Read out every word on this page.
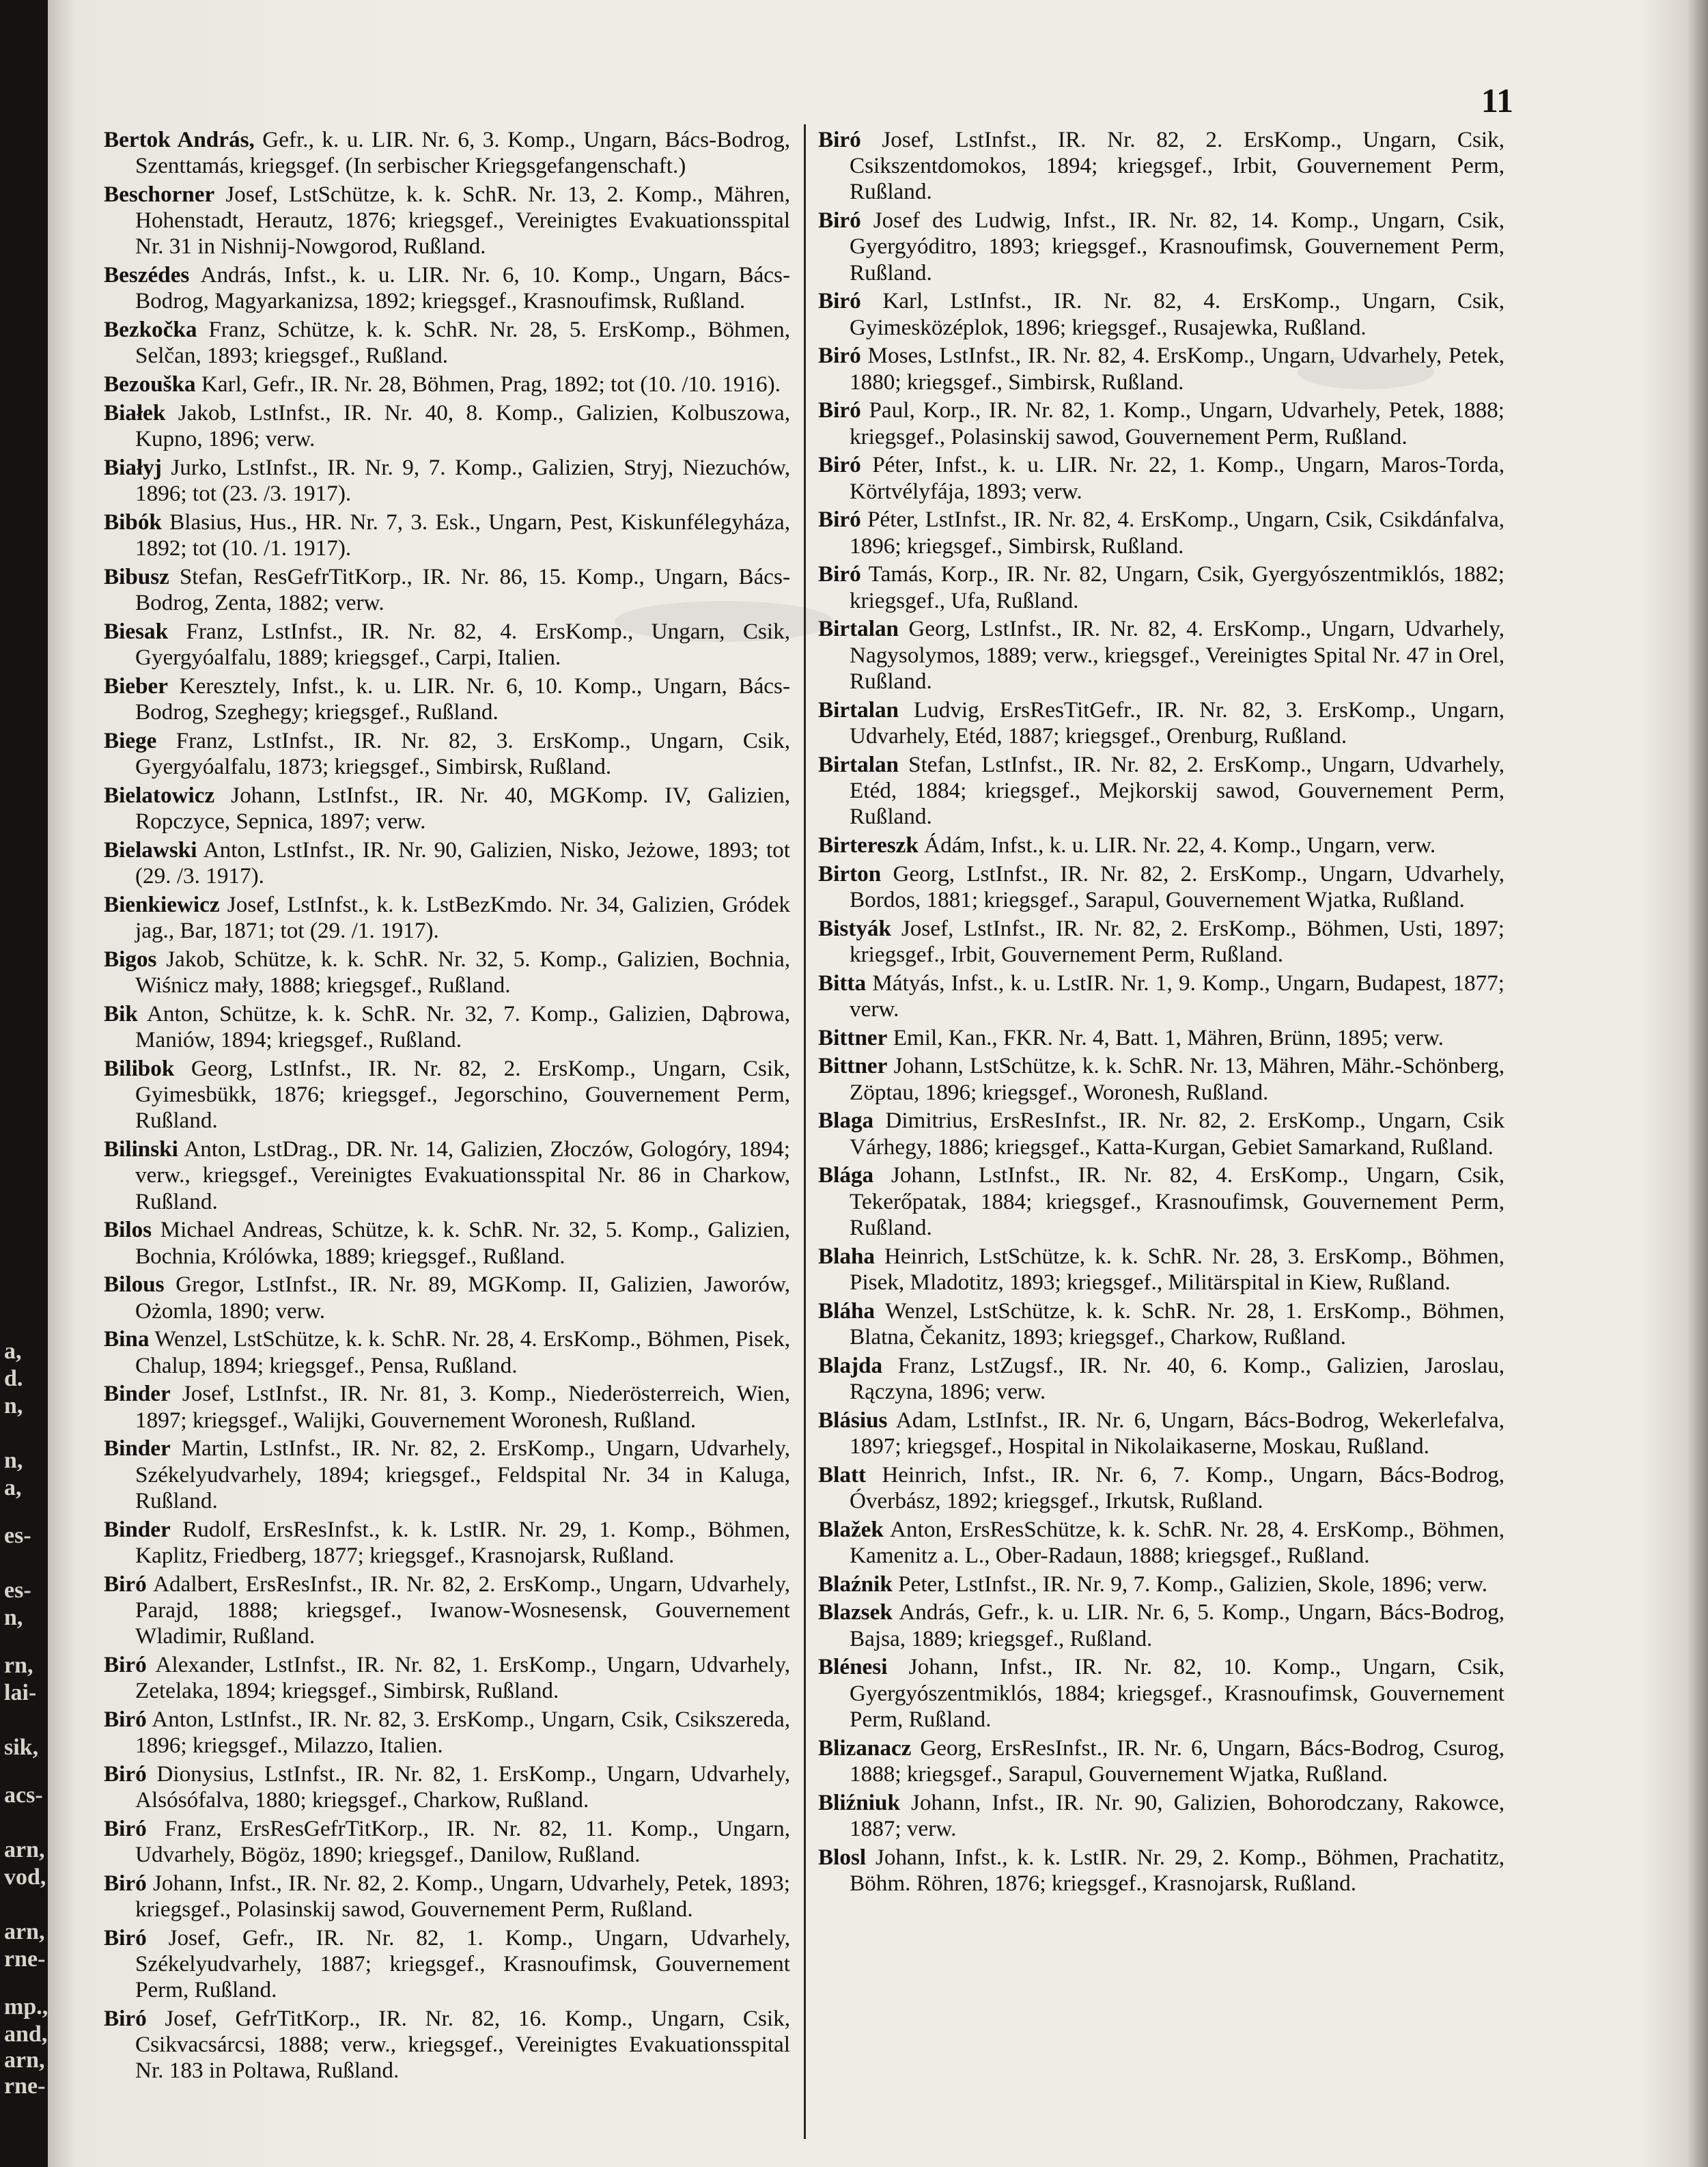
a,
d.
n,
n,
a,
es-
es-
n,
rn,
lai-
sik,
acs-
arn,
vod,
arn,
rne-
mp.,
and,
arn,
rne-
11

Bertok András, Gefr., k. u. LIR. Nr. 6, 3. Komp., Ungarn, Bács-Bodrog, Szenttamás, kriegsgef. (In serbischer Kriegsgefangenschaft.)

Beschorner Josef, LstSchütze, k. k. SchR. Nr. 13, 2. Komp., Mähren, Hohenstadt, Herautz, 1876; kriegsgef., Vereinigtes Evakuationsspital Nr. 31 in Nishnij-Nowgorod, Rußland.

Beszédes András, Infst., k. u. LIR. Nr. 6, 10. Komp., Ungarn, Bács-Bodrog, Magyarkanizsa, 1892; kriegsgef., Krasnoufimsk, Rußland.

Bezkočka Franz, Schütze, k. k. SchR. Nr. 28, 5. ErsKomp., Böhmen, Selčan, 1893; kriegsgef., Rußland.

Bezouška Karl, Gefr., IR. Nr. 28, Böhmen, Prag, 1892; tot (10. /10. 1916).

Białek Jakob, LstInfst., IR. Nr. 40, 8. Komp., Galizien, Kolbuszowa, Kupno, 1896; verw.

Białyj Jurko, LstInfst., IR. Nr. 9, 7. Komp., Galizien, Stryj, Niezuchów, 1896; tot (23. /3. 1917).

Bibók Blasius, Hus., HR. Nr. 7, 3. Esk., Ungarn, Pest, Kiskunfélegyháza, 1892; tot (10. /1. 1917).

Bibusz Stefan, ResGefrTitKorp., IR. Nr. 86, 15. Komp., Ungarn, Bács-Bodrog, Zenta, 1882; verw.

Biesak Franz, LstInfst., IR. Nr. 82, 4. ErsKomp., Ungarn, Csik, Gyergyóalfalu, 1889; kriegsgef., Carpi, Italien.

Bieber Keresztely, Infst., k. u. LIR. Nr. 6, 10. Komp., Ungarn, Bács-Bodrog, Szeghegy; kriegsgef., Rußland.

Biege Franz, LstInfst., IR. Nr. 82, 3. ErsKomp., Ungarn, Csik, Gyergyóalfalu, 1873; kriegsgef., Simbirsk, Rußland.

Bielatowicz Johann, LstInfst., IR. Nr. 40, MGKomp. IV, Galizien, Ropczyce, Sepnica, 1897; verw.

Bielawski Anton, LstInfst., IR. Nr. 90, Galizien, Nisko, Jeżowe, 1893; tot (29. /3. 1917).

Bienkiewicz Josef, LstInfst., k. k. LstBezKmdo. Nr. 34, Galizien, Gródek jag., Bar, 1871; tot (29. /1. 1917).

Bigos Jakob, Schütze, k. k. SchR. Nr. 32, 5. Komp., Galizien, Bochnia, Wiśnicz mały, 1888; kriegsgef., Rußland.

Bik Anton, Schütze, k. k. SchR. Nr. 32, 7. Komp., Galizien, Dąbrowa, Maniów, 1894; kriegsgef., Rußland.

Bilibok Georg, LstInfst., IR. Nr. 82, 2. ErsKomp., Ungarn, Csik, Gyimesbükk, 1876; kriegsgef., Jegorschino, Gouvernement Perm, Rußland.

Bilinski Anton, LstDrag., DR. Nr. 14, Galizien, Złoczów, Gologóry, 1894; verw., kriegsgef., Vereinigtes Evakuationsspital Nr. 86 in Charkow, Rußland.

Bilos Michael Andreas, Schütze, k. k. SchR. Nr. 32, 5. Komp., Galizien, Bochnia, Królówka, 1889; kriegsgef., Rußland.

Bilous Gregor, LstInfst., IR. Nr. 89, MGKomp. II, Galizien, Jaworów, Ożomla, 1890; verw.

Bina Wenzel, LstSchütze, k. k. SchR. Nr. 28, 4. ErsKomp., Böhmen, Pisek, Chalup, 1894; kriegsgef., Pensa, Rußland.

Binder Josef, LstInfst., IR. Nr. 81, 3. Komp., Niederösterreich, Wien, 1897; kriegsgef., Walijki, Gouvernement Woronesh, Rußland.

Binder Martin, LstInfst., IR. Nr. 82, 2. ErsKomp., Ungarn, Udvarhely, Székelyudvarhely, 1894; kriegsgef., Feldspital Nr. 34 in Kaluga, Rußland.

Binder Rudolf, ErsResInfst., k. k. LstIR. Nr. 29, 1. Komp., Böhmen, Kaplitz, Friedberg, 1877; kriegsgef., Krasnojarsk, Rußland.

Biró Adalbert, ErsResInfst., IR. Nr. 82, 2. ErsKomp., Ungarn, Udvarhely, Parajd, 1888; kriegsgef., Iwanow-Wosnesensk, Gouvernement Wladimir, Rußland.

Biró Alexander, LstInfst., IR. Nr. 82, 1. ErsKomp., Ungarn, Udvarhely, Zetelaka, 1894; kriegsgef., Simbirsk, Rußland.

Biró Anton, LstInfst., IR. Nr. 82, 3. ErsKomp., Ungarn, Csik, Csikszereda, 1896; kriegsgef., Milazzo, Italien.

Biró Dionysius, LstInfst., IR. Nr. 82, 1. ErsKomp., Ungarn, Udvarhely, Alsósófalva, 1880; kriegsgef., Charkow, Rußland.

Biró Franz, ErsResGefrTitKorp., IR. Nr. 82, 11. Komp., Ungarn, Udvarhely, Bögöz, 1890; kriegsgef., Danilow, Rußland.

Biró Johann, Infst., IR. Nr. 82, 2. Komp., Ungarn, Udvarhely, Petek, 1893; kriegsgef., Polasinskij sawod, Gouvernement Perm, Rußland.

Biró Josef, Gefr., IR. Nr. 82, 1. Komp., Ungarn, Udvarhely, Székelyudvarhely, 1887; kriegsgef., Krasnoufimsk, Gouvernement Perm, Rußland.

Biró Josef, GefrTitKorp., IR. Nr. 82, 16. Komp., Ungarn, Csik, Csikvacsárcsi, 1888; verw., kriegsgef., Vereinigtes Evakuationsspital Nr. 183 in Poltawa, Rußland.

Biró Josef, LstInfst., IR. Nr. 82, 2. ErsKomp., Ungarn, Csik, Csikszentdomokos, 1894; kriegsgef., Irbit, Gouvernement Perm, Rußland.

Biró Josef des Ludwig, Infst., IR. Nr. 82, 14. Komp., Ungarn, Csik, Gyergyóditro, 1893; kriegsgef., Krasnoufimsk, Gouvernement Perm, Rußland.

Biró Karl, LstInfst., IR. Nr. 82, 4. ErsKomp., Ungarn, Csik, Gyimesközéplok, 1896; kriegsgef., Rusajewka, Rußland.

Biró Moses, LstInfst., IR. Nr. 82, 4. ErsKomp., Ungarn, Udvarhely, Petek, 1880; kriegsgef., Simbirsk, Rußland.

Biró Paul, Korp., IR. Nr. 82, 1. Komp., Ungarn, Udvarhely, Petek, 1888; kriegsgef., Polasinskij sawod, Gouvernement Perm, Rußland.

Biró Péter, Infst., k. u. LIR. Nr. 22, 1. Komp., Ungarn, Maros-Torda, Körtvélyfája, 1893; verw.

Biró Péter, LstInfst., IR. Nr. 82, 4. ErsKomp., Ungarn, Csik, Csikdánfalva, 1896; kriegsgef., Simbirsk, Rußland.

Biró Tamás, Korp., IR. Nr. 82, Ungarn, Csik, Gyergyószentmiklós, 1882; kriegsgef., Ufa, Rußland.

Birtalan Georg, LstInfst., IR. Nr. 82, 4. ErsKomp., Ungarn, Udvarhely, Nagysolymos, 1889; verw., kriegsgef., Vereinigtes Spital Nr. 47 in Orel, Rußland.

Birtalan Ludvig, ErsResTitGefr., IR. Nr. 82, 3. ErsKomp., Ungarn, Udvarhely, Etéd, 1887; kriegsgef., Orenburg, Rußland.

Birtalan Stefan, LstInfst., IR. Nr. 82, 2. ErsKomp., Ungarn, Udvarhely, Etéd, 1884; kriegsgef., Mejkorskij sawod, Gouvernement Perm, Rußland.

Birtereszk Ádám, Infst., k. u. LIR. Nr. 22, 4. Komp., Ungarn, verw.

Birton Georg, LstInfst., IR. Nr. 82, 2. ErsKomp., Ungarn, Udvarhely, Bordos, 1881; kriegsgef., Sarapul, Gouvernement Wjatka, Rußland.

Bistyák Josef, LstInfst., IR. Nr. 82, 2. ErsKomp., Böhmen, Usti, 1897; kriegsgef., Irbit, Gouvernement Perm, Rußland.

Bitta Mátyás, Infst., k. u. LstIR. Nr. 1, 9. Komp., Ungarn, Budapest, 1877; verw.

Bittner Emil, Kan., FKR. Nr. 4, Batt. 1, Mähren, Brünn, 1895; verw.

Bittner Johann, LstSchütze, k. k. SchR. Nr. 13, Mähren, Mähr.-Schönberg, Zöptau, 1896; kriegsgef., Woronesh, Rußland.

Blaga Dimitrius, ErsResInfst., IR. Nr. 82, 2. ErsKomp., Ungarn, Csik Várhegy, 1886; kriegsgef., Katta-Kurgan, Gebiet Samarkand, Rußland.

Blága Johann, LstInfst., IR. Nr. 82, 4. ErsKomp., Ungarn, Csik, Tekerőpatak, 1884; kriegsgef., Krasnoufimsk, Gouvernement Perm, Rußland.

Blaha Heinrich, LstSchütze, k. k. SchR. Nr. 28, 3. ErsKomp., Böhmen, Pisek, Mladotitz, 1893; kriegsgef., Militärspital in Kiew, Rußland.

Bláha Wenzel, LstSchütze, k. k. SchR. Nr. 28, 1. ErsKomp., Böhmen, Blatna, Čekanitz, 1893; kriegsgef., Charkow, Rußland.

Blajda Franz, LstZugsf., IR. Nr. 40, 6. Komp., Galizien, Jaroslau, Rączyna, 1896; verw.

Blásius Adam, LstInfst., IR. Nr. 6, Ungarn, Bács-Bodrog, Wekerlefalva, 1897; kriegsgef., Hospital in Nikolaikaserne, Moskau, Rußland.

Blatt Heinrich, Infst., IR. Nr. 6, 7. Komp., Ungarn, Bács-Bodrog, Óverbász, 1892; kriegsgef., Irkutsk, Rußland.

Blažek Anton, ErsResSchütze, k. k. SchR. Nr. 28, 4. ErsKomp., Böhmen, Kamenitz a. L., Ober-Radaun, 1888; kriegsgef., Rußland.

Blaźnik Peter, LstInfst., IR. Nr. 9, 7. Komp., Galizien, Skole, 1896; verw.

Blazsek András, Gefr., k. u. LIR. Nr. 6, 5. Komp., Ungarn, Bács-Bodrog, Bajsa, 1889; kriegsgef., Rußland.

Blénesi Johann, Infst., IR. Nr. 82, 10. Komp., Ungarn, Csik, Gyergyószentmiklós, 1884; kriegsgef., Krasnoufimsk, Gouvernement Perm, Rußland.

Blizanacz Georg, ErsResInfst., IR. Nr. 6, Ungarn, Bács-Bodrog, Csurog, 1888; kriegsgef., Sarapul, Gouvernement Wjatka, Rußland.

Bliźniuk Johann, Infst., IR. Nr. 90, Galizien, Bohorodczany, Rakowce, 1887; verw.

Blosl Johann, Infst., k. k. LstIR. Nr. 29, 2. Komp., Böhmen, Prachatitz, Böhm. Röhren, 1876; kriegsgef., Krasnojarsk, Rußland.
